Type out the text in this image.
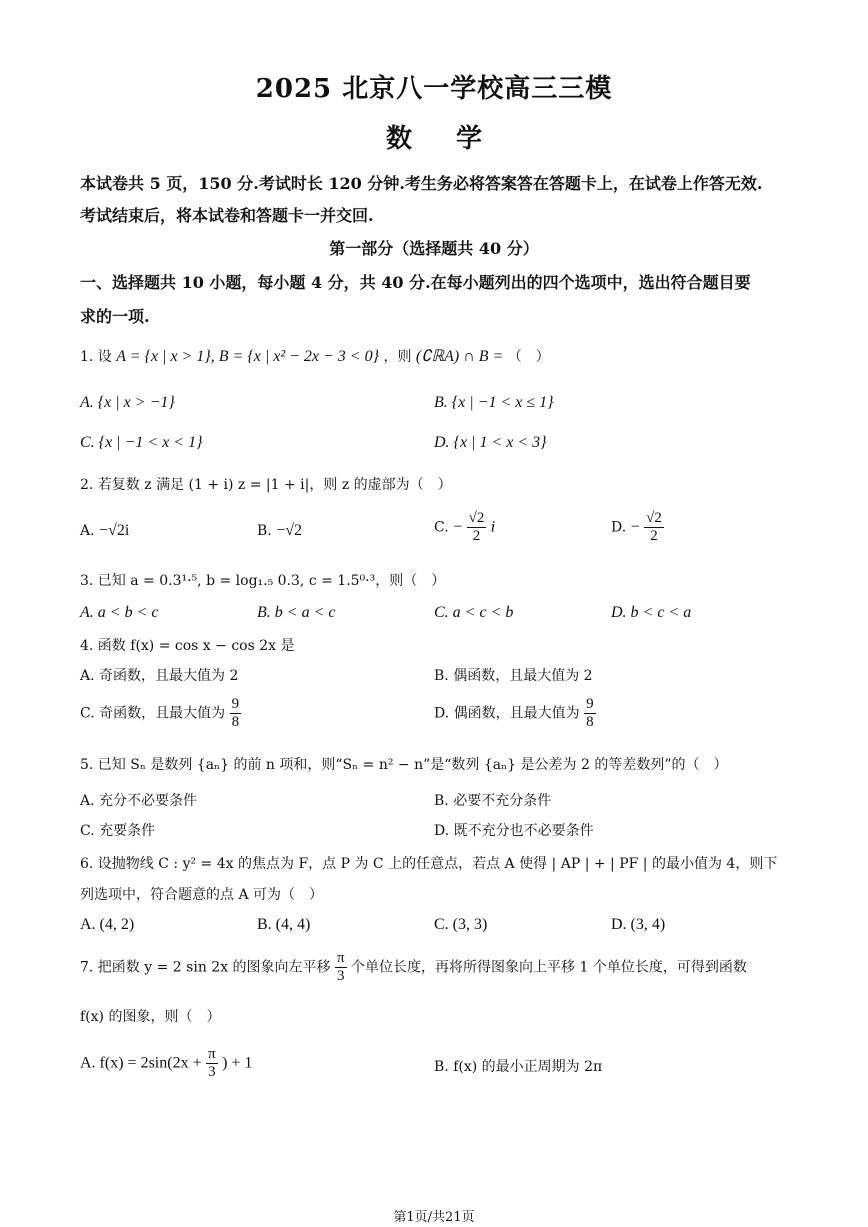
2025 北京八一学校高三三模
数学
本试卷共 5 页，150 分.考试时长 120 分钟.考生务必将答案答在答题卡上，在试卷上作答无效.
考试结束后，将本试卷和答题卡一并交回.
第一部分（选择题共 40 分）
一、选择题共 10 小题，每小题 4 分，共 40 分.在每小题列出的四个选项中，选出符合题目要
求的一项.
1. 设 A = {x | x > 1}, B = {x | x² − 2x − 3 < 0} ，则 (∁ℝA) ∩ B = （　）
A. {x | x > −1}	B. {x | −1 < x ≤ 1}
C. {x | −1 < x < 1}	D. {x | 1 < x < 3}
2. 若复数 z 满足 (1 + i) z = |1 + i|，则 z 的虚部为（　）
A. −√2i	B. −√2	C. − $\frac{√2}{2}$ i	D. − $\frac{√2}{2}$
3. 已知 a = 0.3¹·⁵, b = log₁.₅ 0.3, c = 1.5⁰·³，则（　）
A. a < b < c	B. b < a < c	C. a < c < b	D. b < c < a
4. 函数 f(x) = cos x − cos 2x 是
A. 奇函数，且最大值为 2	B. 偶函数，且最大值为 2
C. 奇函数，且最大值为 $\frac{9}{8}$	D. 偶函数，且最大值为 $\frac{9}{8}$
5. 已知 Sₙ 是数列 {aₙ} 的前 n 项和，则“Sₙ = n² − n”是“数列 {aₙ} 是公差为 2 的等差数列”的（　）
A. 充分不必要条件	B. 必要不充分条件
C. 充要条件	D. 既不充分也不必要条件
6. 设抛物线 C : y² = 4x 的焦点为 F，点 P 为 C 上的任意点，若点 A 使得 | AP | + | PF | 的最小值为 4，则下
列选项中，符合题意的点 A 可为（　）
A. (4, 2)	B. (4, 4)	C. (3, 3)	D. (3, 4)
7. 把函数 y = 2 sin 2x 的图象向左平移 $\frac{\pi}{3}$ 个单位长度，再将所得图象向上平移 1 个单位长度，可得到函数
f(x) 的图象，则（　）
A. $f(x) = 2\sin(2x + \frac{\pi}{3}$ ) + 1	B. f(x) 的最小正周期为 2π
第1页/共21页
